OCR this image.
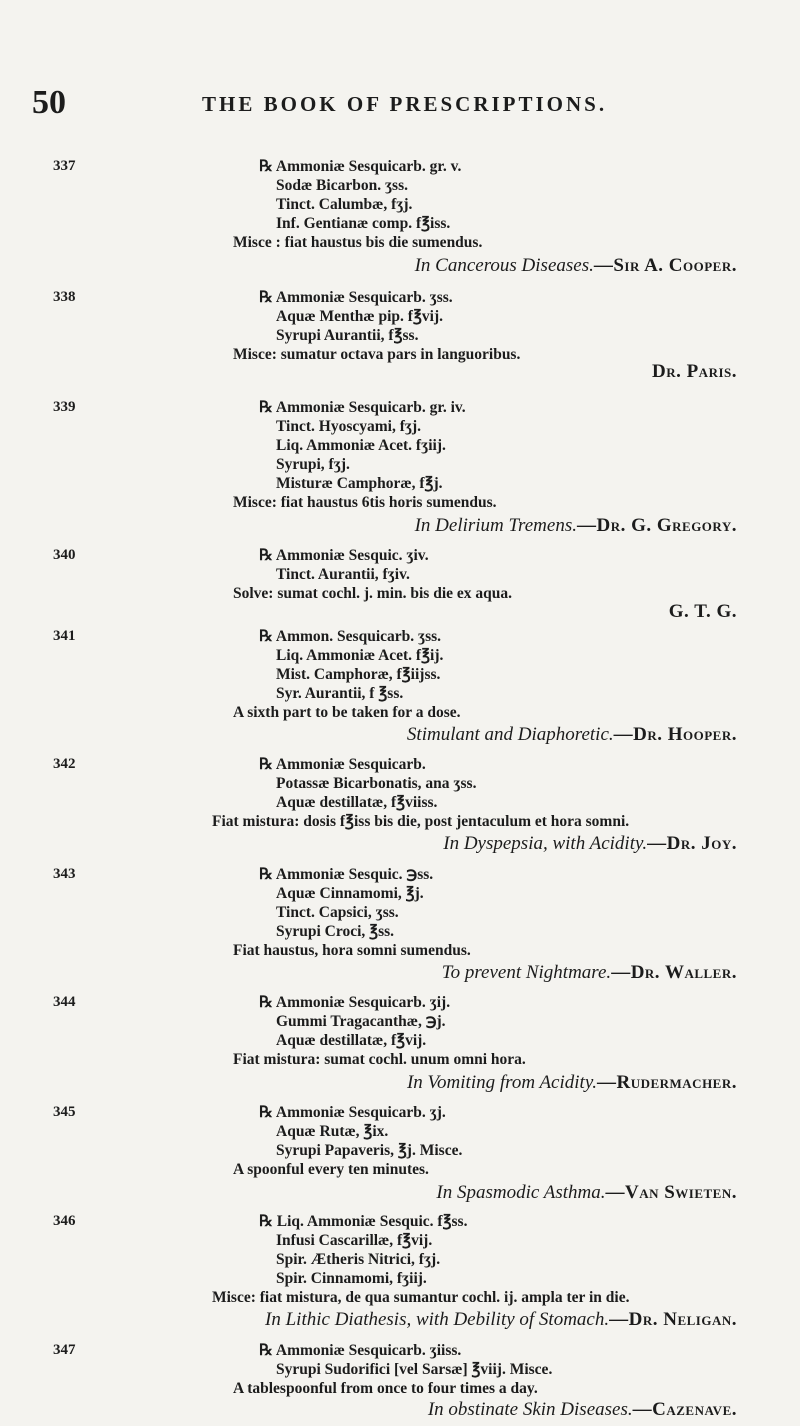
50	THE BOOK OF PRESCRIPTIONS.
337	℞ Ammoniæ Sesquicarb. gr. v.
Sodæ Bicarbon. ʒss.
Tinct. Calumbæ, fʒj.
Inf. Gentianæ comp. f℥iss.
Misce : fiat haustus bis die sumendus.
In Cancerous Diseases.—Sir A. Cooper.
338	℞ Ammoniæ Sesquicarb. ʒss.
Aquæ Menthæ pip. f℥vij.
Syrupi Aurantii, f℥ss.
Misce: sumatur octava pars in languoribus.
Dr. Paris.
339	℞ Ammoniæ Sesquicarb. gr. iv.
Tinct. Hyoscyami, fʒj.
Liq. Ammoniæ Acet. fʒiij.
Syrupi, fʒj.
Misturæ Camphoræ, f℥j.
Misce: fiat haustus 6tis horis sumendus.
In Delirium Tremens.—Dr. G. Gregory.
340	℞ Ammoniæ Sesquic. ʒiv.
Tinct. Aurantii, fʒiv.
Solve: sumat cochl. j. min. bis die ex aqua.
G. T. G.
341	℞ Ammon. Sesquicarb. ʒss.
Liq. Ammoniæ Acet. f℥ij.
Mist. Camphoræ, f℥iijss.
Syr. Aurantii, f ℥ss.
A sixth part to be taken for a dose.
Stimulant and Diaphoretic.—Dr. Hooper.
342	℞ Ammoniæ Sesquicarb.
Potassæ Bicarbonatis, ana ʒss.
Aquæ destillatæ, f℥viiss.
Fiat mistura: dosis f℥iss bis die, post jentaculum et hora somni.
In Dyspepsia, with Acidity.—Dr. Joy.
343	℞ Ammoniæ Sesquic. ℈ss.
Aquæ Cinnamomi, ℥j.
Tinct. Capsici, ʒss.
Syrupi Croci, ℥ss.
Fiat haustus, hora somni sumendus.
To prevent Nightmare.—Dr. Waller.
344	℞ Ammoniæ Sesquicarb. ʒij.
Gummi Tragacanthæ, ℈j.
Aquæ destillatæ, f℥vij.
Fiat mistura: sumat cochl. unum omni hora.
In Vomiting from Acidity.—Rudermacher.
345	℞ Ammoniæ Sesquicarb. ʒj.
Aquæ Rutæ, ℥ix.
Syrupi Papaveris, ℥j. Misce.
A spoonful every ten minutes.
In Spasmodic Asthma.—Van Swieten.
346	℞ Liq. Ammoniæ Sesquic. f℥ss.
Infusi Cascarillæ, f℥vij.
Spir. Ætheris Nitrici, fʒj.
Spir. Cinnamomi, fʒiij.
Misce: fiat mistura, de qua sumantur cochl. ij. ampla ter in die.
In Lithic Diathesis, with Debility of Stomach.—Dr. Neligan.
347	℞ Ammoniæ Sesquicarb. ʒiiss.
Syrupi Sudorifici [vel Sarsæ] ℥viij. Misce.
A tablespoonful from once to four times a day.
In obstinate Skin Diseases.—Cazenave.
